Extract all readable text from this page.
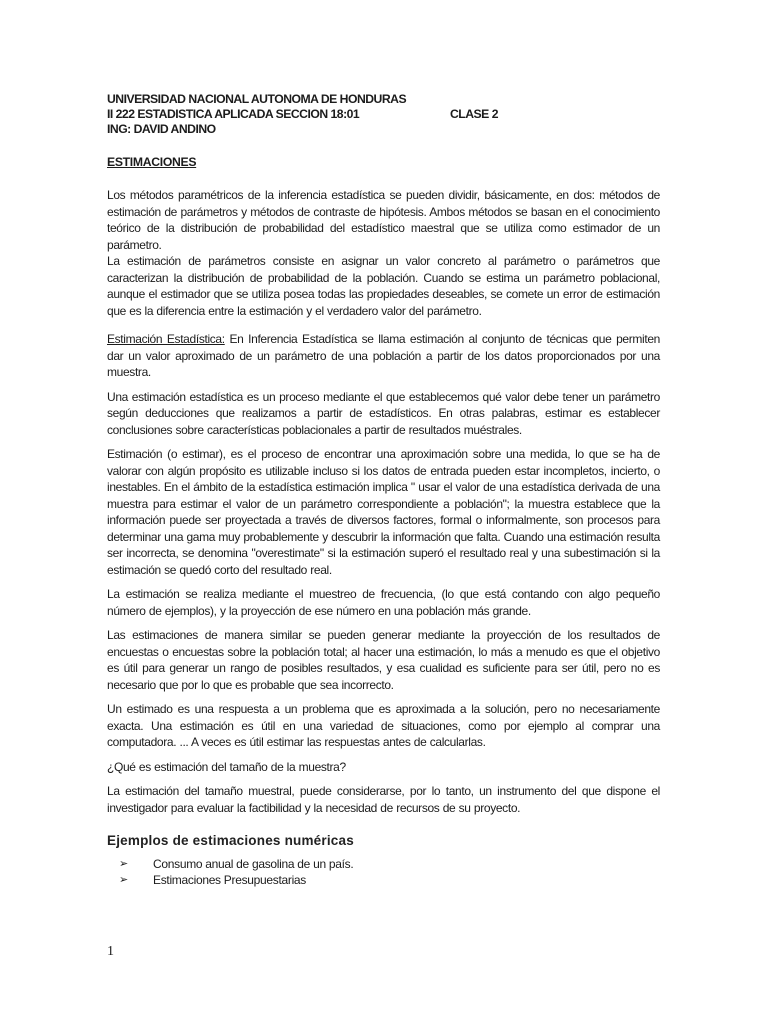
UNIVERSIDAD NACIONAL AUTONOMA DE HONDURAS
II 222 ESTADISTICA APLICADA SECCION 18:01	CLASE 2
ING: DAVID ANDINO
ESTIMACIONES

Los métodos paramétricos de la inferencia estadística se pueden dividir, básicamente, en dos: métodos de estimación de parámetros y métodos de contraste de hipótesis. Ambos métodos se basan en el conocimiento teórico de la distribución de probabilidad del estadístico maestral que se utiliza como estimador de un parámetro.

La estimación de parámetros consiste en asignar un valor concreto al parámetro o parámetros que caracterizan la distribución de probabilidad de la población. Cuando se estima un parámetro poblacional, aunque el estimador que se utiliza posea todas las propiedades deseables, se comete un error de estimación que es la diferencia entre la estimación y el verdadero valor del parámetro.

Estimación Estadística: En Inferencia Estadística se llama estimación al conjunto de técnicas que permiten dar un valor aproximado de un parámetro de una población a partir de los datos proporcionados por una muestra.

Una estimación estadística es un proceso mediante el que establecemos qué valor debe tener un parámetro según deducciones que realizamos a partir de estadísticos. En otras palabras, estimar es establecer conclusiones sobre características poblacionales a partir de resultados muéstrales.

Estimación (o estimar), es el proceso de encontrar una aproximación sobre una medida, lo que se ha de valorar con algún propósito es utilizable incluso si los datos de entrada pueden estar incompletos, incierto, o inestables. En el ámbito de la estadística estimación implica " usar el valor de una estadística derivada de una muestra para estimar el valor de un parámetro correspondiente a población"; la muestra establece que la información puede ser proyectada a través de diversos factores, formal o informalmente, son procesos para determinar una gama muy probablemente y descubrir la información que falta. Cuando una estimación resulta ser incorrecta, se denomina "overestimate" si la estimación superó el resultado real y una subestimación si la estimación se quedó corto del resultado real.

La estimación se realiza mediante el muestreo de frecuencia, (lo que está contando con algo pequeño número de ejemplos), y la proyección de ese número en una población más grande.

Las estimaciones de manera similar se pueden generar mediante la proyección de los resultados de encuestas o encuestas sobre la población total; al hacer una estimación, lo más a menudo es que el objetivo es útil para generar un rango de posibles resultados, y esa cualidad es suficiente para ser útil, pero no es necesario que por lo que es probable que sea incorrecto.

Un estimado es una respuesta a un problema que es aproximada a la solución, pero no necesariamente exacta. Una estimación es útil en una variedad de situaciones, como por ejemplo al comprar una computadora. ... A veces es útil estimar las respuestas antes de calcularlas.

¿Qué es estimación del tamaño de la muestra?

La estimación del tamaño muestral, puede considerarse, por lo tanto, un instrumento del que dispone el investigador para evaluar la factibilidad y la necesidad de recursos de su proyecto.

Ejemplos de estimaciones numéricas
➢	Consumo anual de gasolina de un país.
➢	Estimaciones Presupuestarias
1
